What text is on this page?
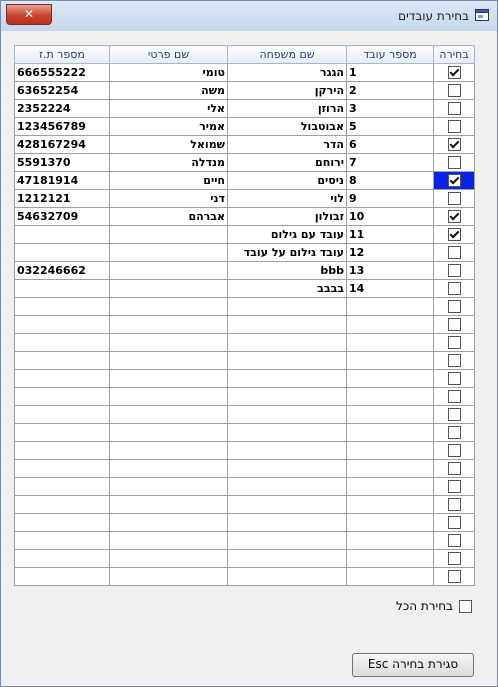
✕	בחירת עובדים
בחירה	מספר עובד	שם משפחה	שם פרטי	מספר ת.ז
	1	הגגר	טומי	666555222
	2	הירקן	משה	63652254
	3	הרוזן	אלי	2352224
	5	אבוטבול	אמיר	123456789
	6	הדר	שמואל	428167294
	7	ירוחם	מנדלה	5591370
	8	ניסים	חיים	47181914
	9	לוי	דני	1212121
	10	זבולון	אברהם	54632709
	11	עובד עם גילום		
	12	עובד גילום על עובד		
	13	bbb		032246662
	14	בבבב		

בחירת הכל
סגירת בחירה Esc
